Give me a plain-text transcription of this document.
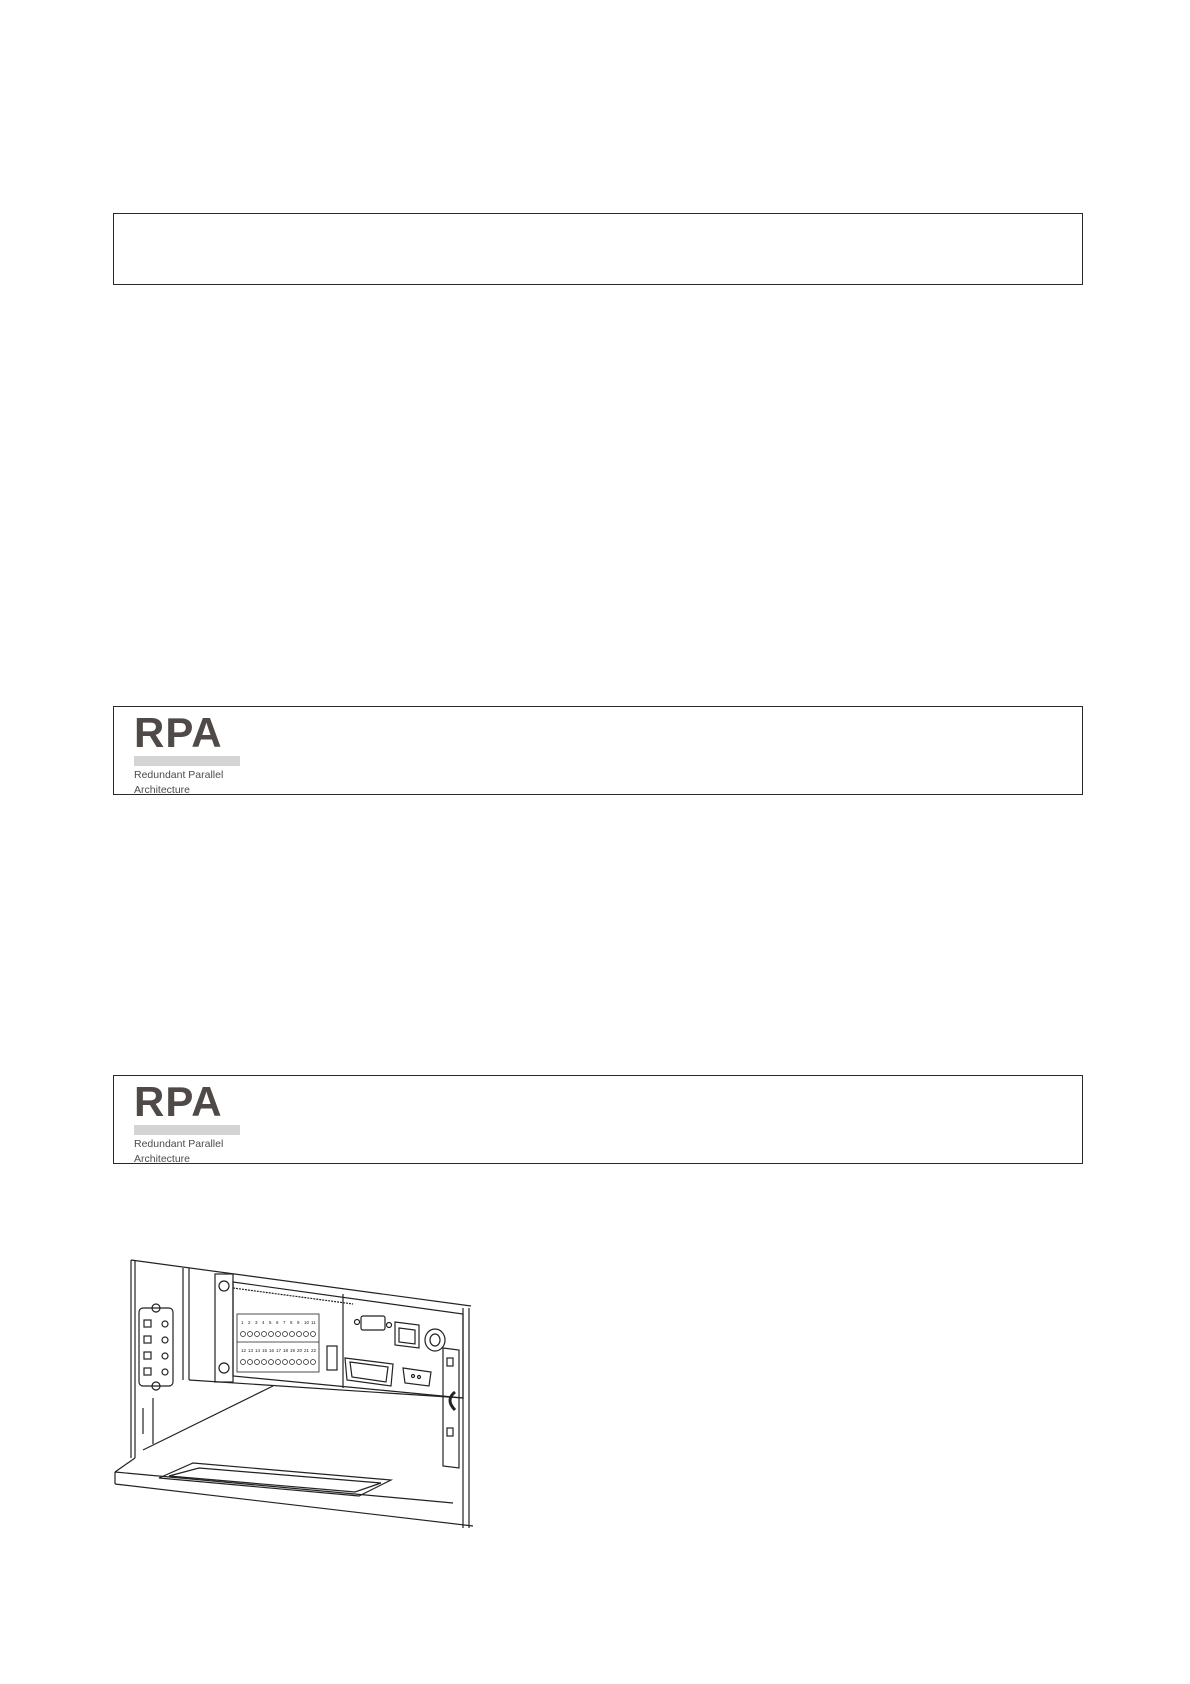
RPA
Redundant Parallel
Architecture
RPA
Redundant Parallel
Architecture
1 2 3 4 5 6 7 8 9 10 11
12 13 14 15 16 17 18 19 20 21 22
